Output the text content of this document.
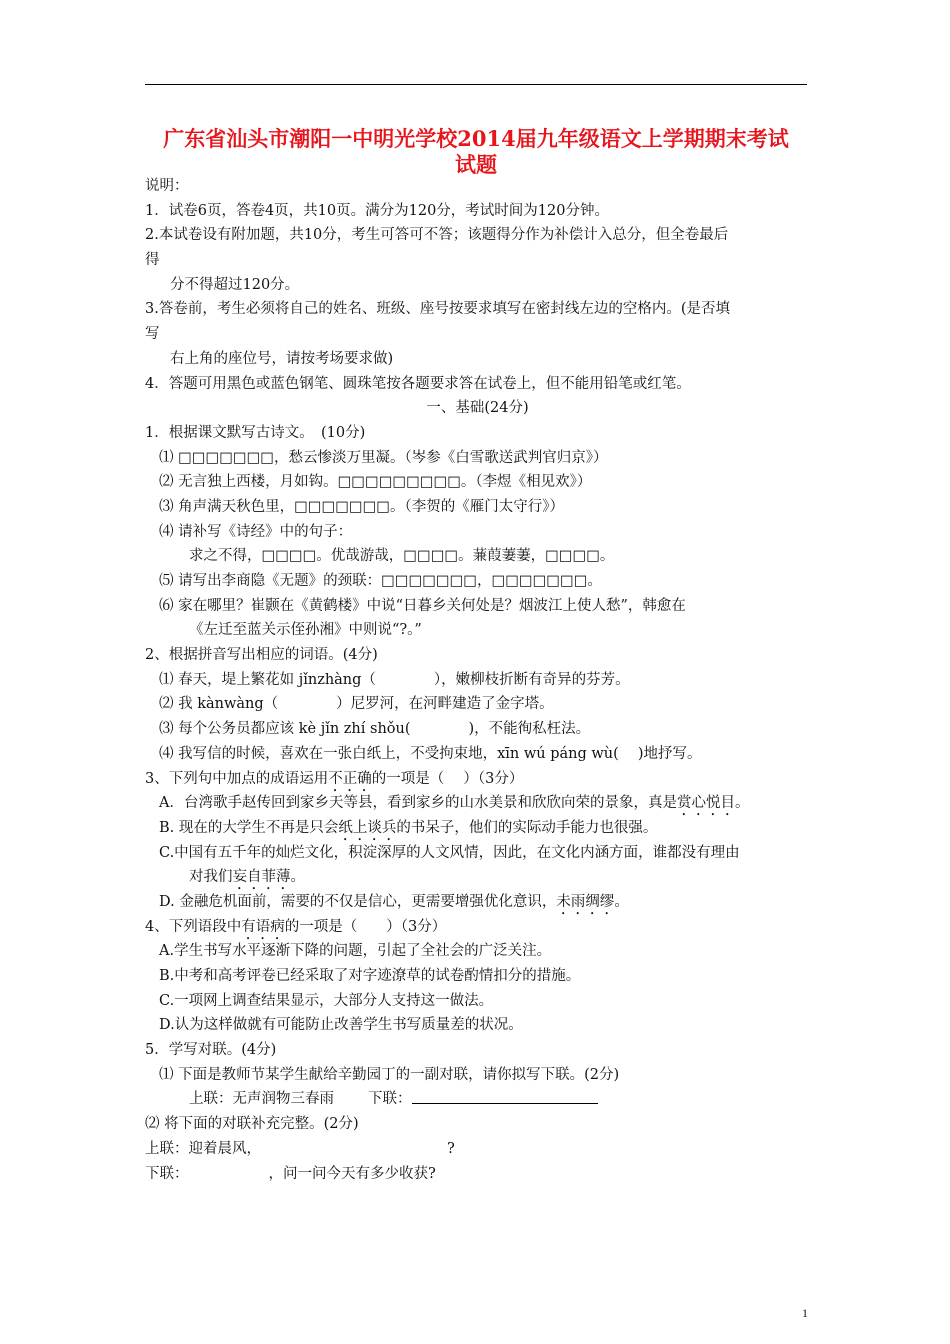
广东省汕头市潮阳一中明光学校2014届九年级语文上学期期末考试
试题
说明：
1．试卷6页，答卷4页，共10页。满分为120分，考试时间为120分钟。
2.本试卷设有附加题，共10分，考生可答可不答；该题得分作为补偿计入总分，但全卷最后
得
分不得超过120分。
3.答卷前，考生必须将自己的姓名、班级、座号按要求填写在密封线左边的空格内。(是否填
写
右上角的座位号，请按考场要求做)
4．答题可用黑色或蓝色钢笔、圆珠笔按各题要求答在试卷上，但不能用铅笔或红笔。
一、基础(24分)
1．根据课文默写古诗文。　(10分)
⑴ □□□□□□□，愁云惨淡万里凝。（岑参《白雪歌送武判官归京》）
⑵ 无言独上西楼，月如钩。□□□□□□□□□。（李煜《相见欢》）
⑶ 角声满天秋色里，□□□□□□□。（李贺的《雁门太守行》）
⑷ 请补写《诗经》中的句子：
求之不得，□□□□。优哉游哉，□□□□。蒹葭萋萋，□□□□。
⑸ 请写出李商隐《无题》的颈联：□□□□□□□，□□□□□□□。
⑹ 家在哪里？崔颢在《黄鹤楼》中说“日暮乡关何处是？烟波江上使人愁”，韩愈在
《左迁至蓝关示侄孙湘》中则说“?。”
2、根据拼音写出相应的词语。(4分)
⑴ 春天，堤上繁花如 jǐnzhàng（　　　　），嫩柳枝折断有奇异的芬芳。
⑵ 我 kànwàng（　　　　）尼罗河，在河畔建造了金字塔。
⑶ 每个公务员都应该 kè jǐn zhí shǒu(　　　　)，不能徇私枉法。
⑷ 我写信的时候，喜欢在一张白纸上，不受拘束地，xīn wú páng wù(　 )地抒写。
3、下列句中加点的成语运用不正确的一项是（　 ）（3分）
A．台湾歌手赵传回到家乡天等县，看到家乡的山水美景和欣欣向荣的景象，真是赏心悦目。
B. 现在的大学生不再是只会纸上谈兵的书呆子，他们的实际动手能力也很强。
C.中国有五千年的灿烂文化，积淀深厚的人文风情，因此，在文化内涵方面，谁都没有理由
对我们妄自菲薄。
D. 金融危机面前，需要的不仅是信心，更需要增强优化意识，未雨绸缪。
4、下列语段中有语病的一项是（　　）（3分）
A.学生书写水平逐渐下降的问题，引起了全社会的广泛关注。
B.中考和高考评卷已经采取了对字迹潦草的试卷酌情扣分的措施。
C.一项网上调查结果显示，大部分人支持这一做法。
D.认为这样做就有可能防止改善学生书写质量差的状况。
5．学写对联。(4分)
⑴ 下面是教师节某学生献给辛勤园丁的一副对联，请你拟写下联。(2分)
上联：无声润物三春雨 下联：
⑵ 将下面的对联补充完整。(2分)
上联：迎着晨风，	?
下联：	，问一问今天有多少收获?
1
